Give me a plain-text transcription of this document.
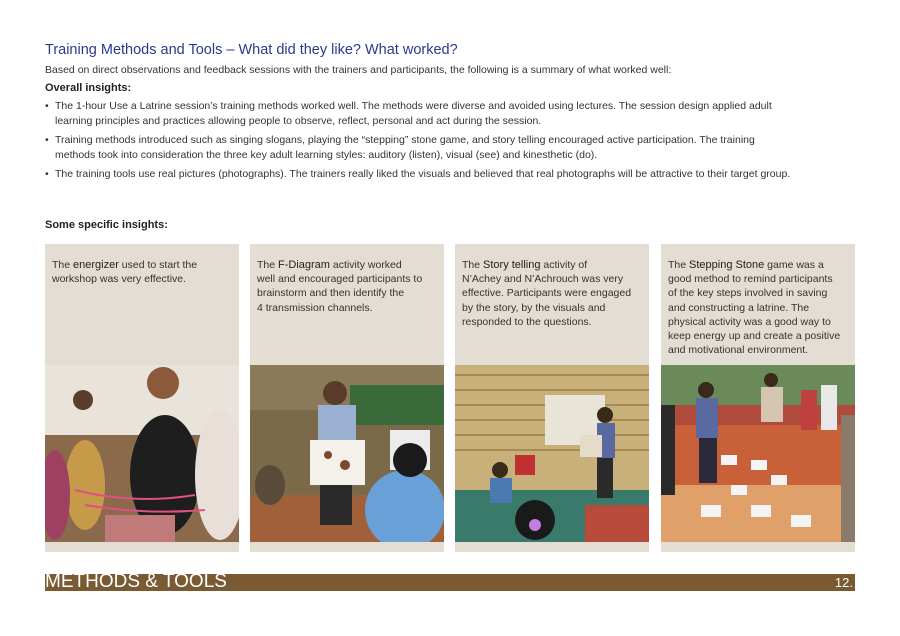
Training Methods and Tools – What did they like? What worked?
Based on direct observations and feedback sessions with the trainers and participants, the following is a summary of what worked well:
Overall insights:
• The 1-hour Use a Latrine session’s training methods worked well. The methods were diverse and avoided using lectures. The session design applied adult
learning principles and practices allowing people to observe, reflect, personal and act during the session.
• Training methods introduced such as singing slogans, playing the “stepping” stone game, and story telling encouraged active participation. The training
methods took into consideration the three key adult learning styles: auditory (listen), visual (see) and kinesthetic (do).
• The training tools use real pictures (photographs). The trainers really liked the visuals and believed that real photographs will be attractive to their target group.
Some specific insights:
The energizer used to start the
workshop was very effective.
The F-Diagram activity worked
well and encouraged participants to
brainstorm and then identify the
4 transmission channels.
The Story telling activity of
N’Achey and N’Achrouch was very
effective. Participants were engaged
by the story, by the visuals and
responded to the questions.
The Stepping Stone game was a
good method to remind participants
of the key steps involved in saving
and constructing a latrine. The
physical activity was a good way to
keep energy up and create a positive
and motivational environment.
METHODS & TOOLS	12.
